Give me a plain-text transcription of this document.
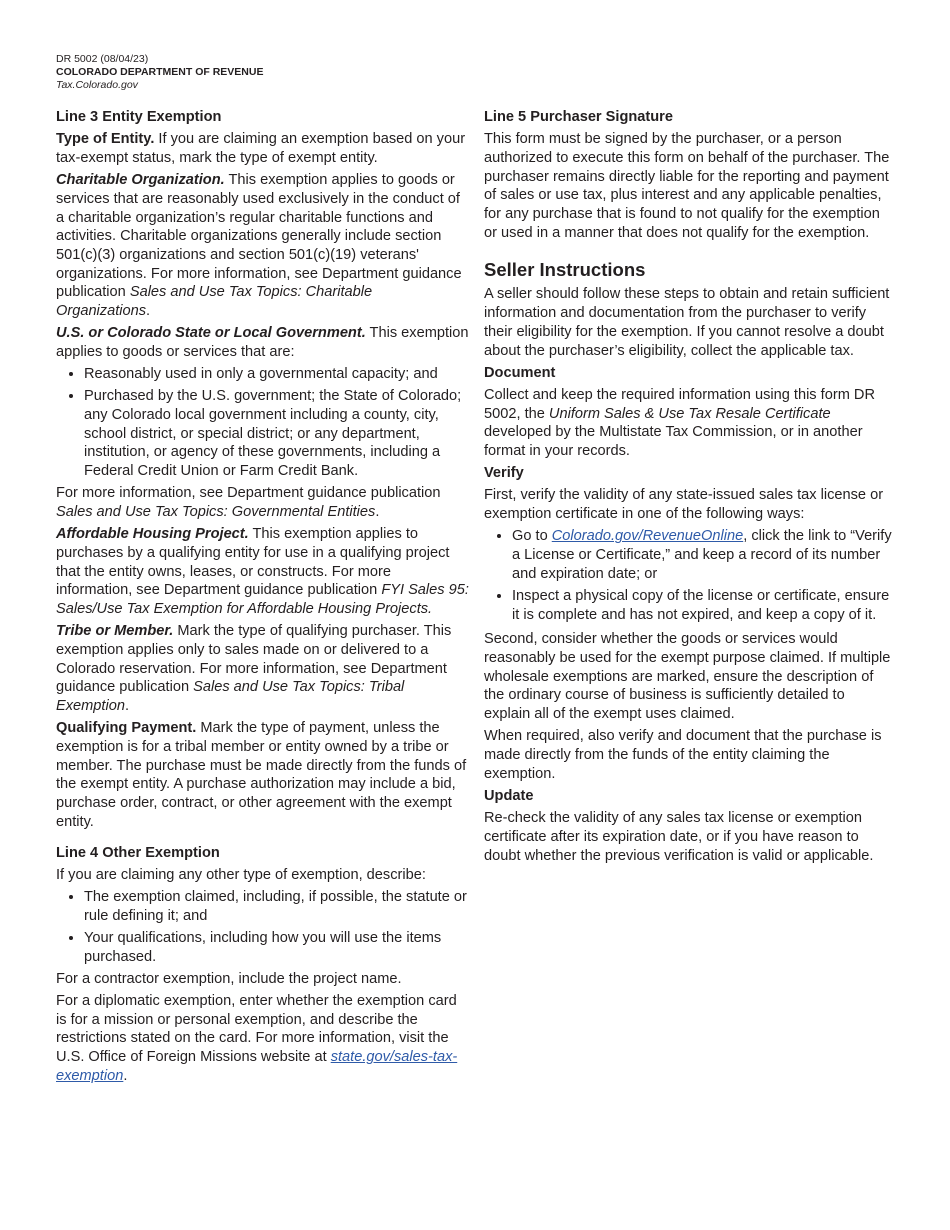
DR 5002 (08/04/23)
COLORADO DEPARTMENT OF REVENUE
Tax.Colorado.gov
Line 3 Entity Exemption

Type of Entity. If you are claiming an exemption based on your tax-exempt status, mark the type of exempt entity.

Charitable Organization. This exemption applies to goods or services that are reasonably used exclusively in the conduct of a charitable organization’s regular charitable functions and activities. Charitable organizations generally include section 501(c)(3) organizations and section 501(c)(19) veterans' organizations. For more information, see Department guidance publication Sales and Use Tax Topics: Charitable Organizations.

U.S. or Colorado State or Local Government. This exemption applies to goods or services that are:

• Reasonably used in only a governmental capacity; and
• Purchased by the U.S. government; the State of Colorado; any Colorado local government including a county, city, school district, or special district; or any department, institution, or agency of these governments, including a Federal Credit Union or Farm Credit Bank.

For more information, see Department guidance publication Sales and Use Tax Topics: Governmental Entities.

Affordable Housing Project. This exemption applies to purchases by a qualifying entity for use in a qualifying project that the entity owns, leases, or constructs. For more information, see Department guidance publication FYI Sales 95: Sales/Use Tax Exemption for Affordable Housing Projects.

Tribe or Member. Mark the type of qualifying purchaser. This exemption applies only to sales made on or delivered to a Colorado reservation. For more information, see Department guidance publication Sales and Use Tax Topics: Tribal Exemption.

Qualifying Payment. Mark the type of payment, unless the exemption is for a tribal member or entity owned by a tribe or member. The purchase must be made directly from the funds of the exempt entity. A purchase authorization may include a bid, purchase order, contract, or other agreement with the exempt entity.

Line 4 Other Exemption

If you are claiming any other type of exemption, describe:

• The exemption claimed, including, if possible, the statute or rule defining it; and
• Your qualifications, including how you will use the items purchased.

For a contractor exemption, include the project name.

For a diplomatic exemption, enter whether the exemption card is for a mission or personal exemption, and describe the restrictions stated on the card. For more information, visit the U.S. Office of Foreign Missions website at state.gov/sales-tax-exemption.

Line 5 Purchaser Signature

This form must be signed by the purchaser, or a person authorized to execute this form on behalf of the purchaser. The purchaser remains directly liable for the reporting and payment of sales or use tax, plus interest and any applicable penalties, for any purchase that is found to not qualify for the exemption or used in a manner that does not qualify for the exemption.

Seller Instructions

A seller should follow these steps to obtain and retain sufficient information and documentation from the purchaser to verify their eligibility for the exemption. If you cannot resolve a doubt about the purchaser’s eligibility, collect the applicable tax.

Document

Collect and keep the required information using this form DR 5002, the Uniform Sales & Use Tax Resale Certificate developed by the Multistate Tax Commission, or in another format in your records.

Verify

First, verify the validity of any state-issued sales tax license or exemption certificate in one of the following ways:

• Go to Colorado.gov/RevenueOnline, click the link to “Verify a License or Certificate,” and keep a record of its number and expiration date; or
• Inspect a physical copy of the license or certificate, ensure it is complete and has not expired, and keep a copy of it.

Second, consider whether the goods or services would reasonably be used for the exempt purpose claimed. If multiple wholesale exemptions are marked, ensure the description of the ordinary course of business is sufficiently detailed to explain all of the exempt uses claimed.

When required, also verify and document that the purchase is made directly from the funds of the entity claiming the exemption.

Update

Re-check the validity of any sales tax license or exemption certificate after its expiration date, or if you have reason to doubt whether the previous verification is valid or applicable.
